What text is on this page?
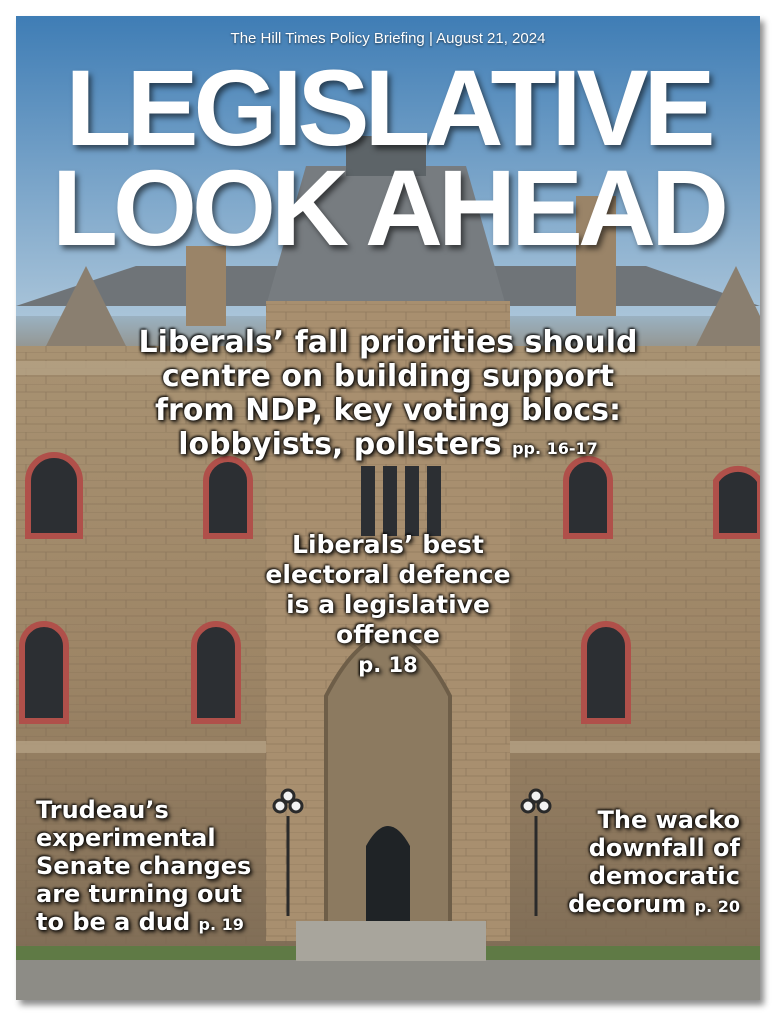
The Hill Times Policy Briefing | August 21, 2024
LEGISLATIVE
LOOK AHEAD
Liberals’ fall priorities should
centre on building support
from NDP, key voting blocs:
lobbyists, pollsters pp. 16-17
Liberals’ best
electoral defence
is a legislative
offence
p. 18
Trudeau’s
experimental
Senate changes
are turning out
to be a dud p. 19
The wacko
downfall of
democratic
decorum p. 20
